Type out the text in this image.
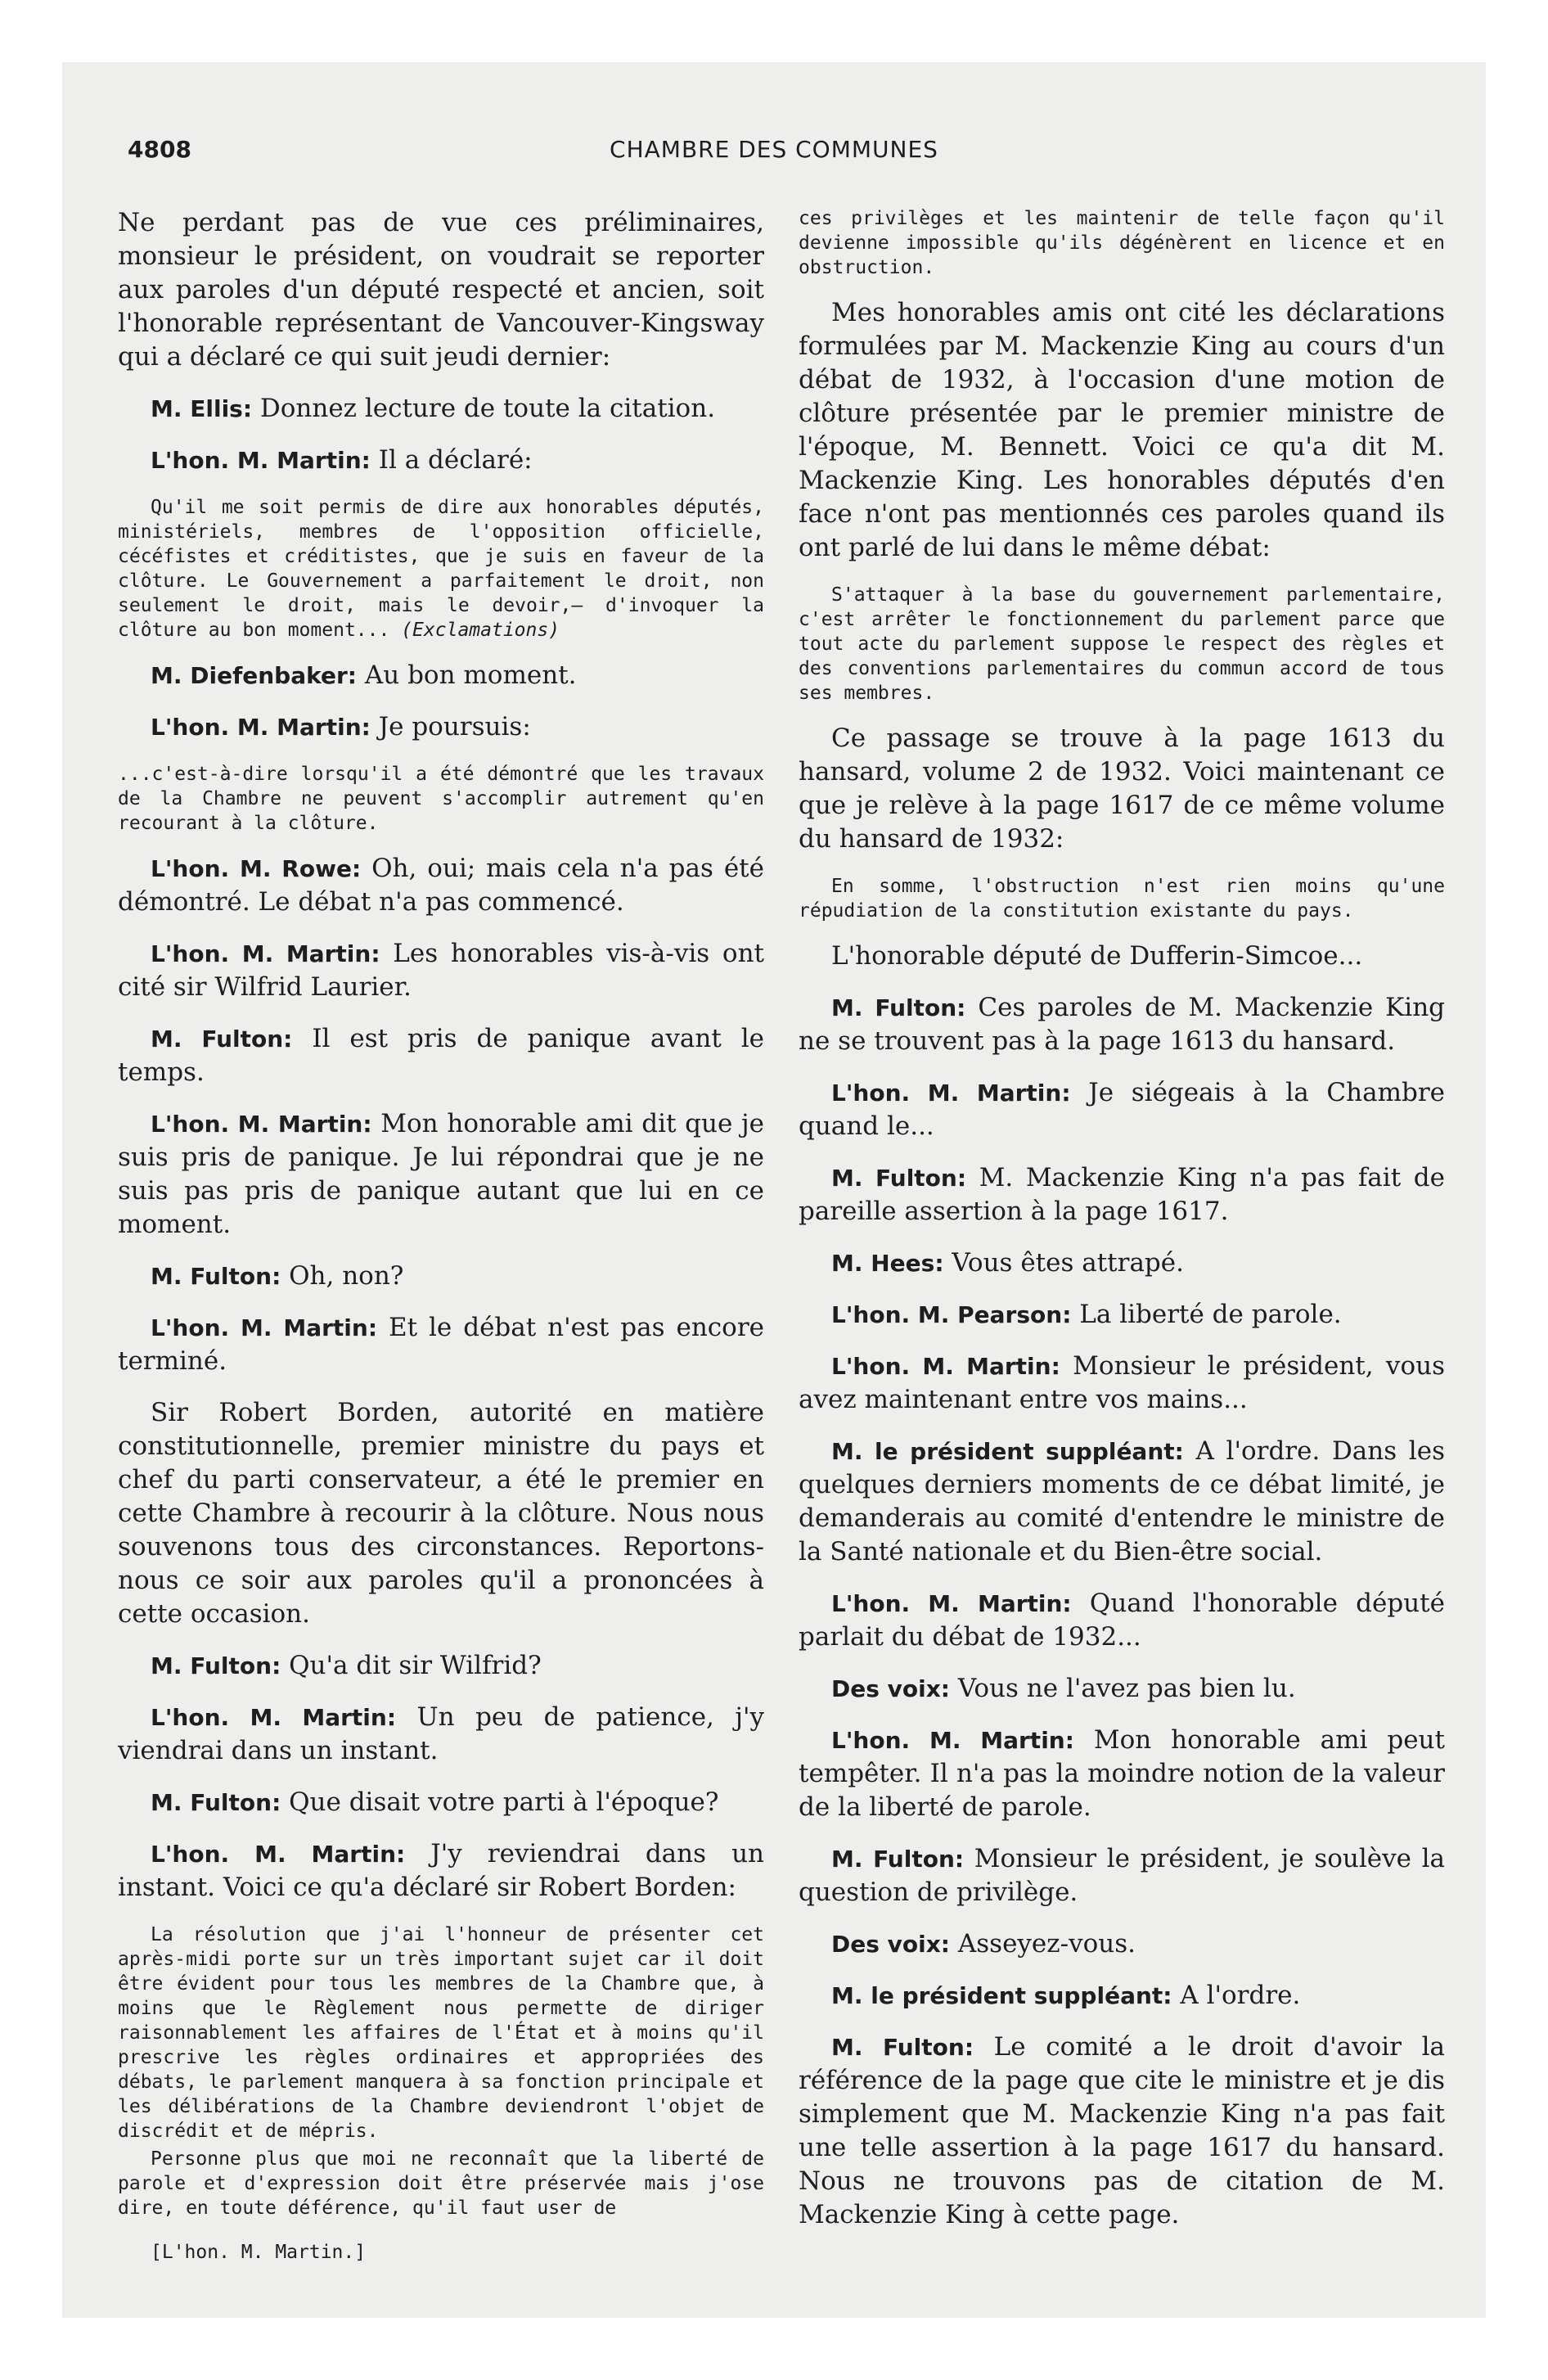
4808	CHAMBRE DES COMMUNES

Ne perdant pas de vue ces préliminaires, monsieur le président, on voudrait se reporter aux paroles d'un député respecté et ancien, soit l'honorable représentant de Vancouver-Kingsway qui a déclaré ce qui suit jeudi dernier:

M. Ellis: Donnez lecture de toute la citation.

L'hon. M. Martin: Il a déclaré:

Qu'il me soit permis de dire aux honorables députés, ministériels, membres de l'opposition officielle, cécéfistes et créditistes, que je suis en faveur de la clôture. Le Gouvernement a parfaitement le droit, non seulement le droit, mais le devoir,— d'invoquer la clôture au bon moment... (Exclamations)

M. Diefenbaker: Au bon moment.

L'hon. M. Martin: Je poursuis:

...c'est-à-dire lorsqu'il a été démontré que les travaux de la Chambre ne peuvent s'accomplir autrement qu'en recourant à la clôture.

L'hon. M. Rowe: Oh, oui; mais cela n'a pas été démontré. Le débat n'a pas commencé.

L'hon. M. Martin: Les honorables vis-à-vis ont cité sir Wilfrid Laurier.

M. Fulton: Il est pris de panique avant le temps.

L'hon. M. Martin: Mon honorable ami dit que je suis pris de panique. Je lui répondrai que je ne suis pas pris de panique autant que lui en ce moment.

M. Fulton: Oh, non?

L'hon. M. Martin: Et le débat n'est pas encore terminé.

Sir Robert Borden, autorité en matière constitutionnelle, premier ministre du pays et chef du parti conservateur, a été le premier en cette Chambre à recourir à la clôture. Nous nous souvenons tous des circonstances. Reportons-nous ce soir aux paroles qu'il a prononcées à cette occasion.

M. Fulton: Qu'a dit sir Wilfrid?

L'hon. M. Martin: Un peu de patience, j'y viendrai dans un instant.

M. Fulton: Que disait votre parti à l'époque?

L'hon. M. Martin: J'y reviendrai dans un instant. Voici ce qu'a déclaré sir Robert Borden:

La résolution que j'ai l'honneur de présenter cet après-midi porte sur un très important sujet car il doit être évident pour tous les membres de la Chambre que, à moins que le Règlement nous permette de diriger raisonnablement les affaires de l'État et à moins qu'il prescrive les règles ordinaires et appropriées des débats, le parlement manquera à sa fonction principale et les délibérations de la Chambre deviendront l'objet de discrédit et de mépris.

Personne plus que moi ne reconnaît que la liberté de parole et d'expression doit être préservée mais j'ose dire, en toute déférence, qu'il faut user de

[L'hon. M. Martin.]

ces privilèges et les maintenir de telle façon qu'il devienne impossible qu'ils dégénèrent en licence et en obstruction.

Mes honorables amis ont cité les déclarations formulées par M. Mackenzie King au cours d'un débat de 1932, à l'occasion d'une motion de clôture présentée par le premier ministre de l'époque, M. Bennett. Voici ce qu'a dit M. Mackenzie King. Les honorables députés d'en face n'ont pas mentionnés ces paroles quand ils ont parlé de lui dans le même débat:

S'attaquer à la base du gouvernement parlementaire, c'est arrêter le fonctionnement du parlement parce que tout acte du parlement suppose le respect des règles et des conventions parlementaires du commun accord de tous ses membres.

Ce passage se trouve à la page 1613 du hansard, volume 2 de 1932. Voici maintenant ce que je relève à la page 1617 de ce même volume du hansard de 1932:

En somme, l'obstruction n'est rien moins qu'une répudiation de la constitution existante du pays.

L'honorable député de Dufferin-Simcoe...

M. Fulton: Ces paroles de M. Mackenzie King ne se trouvent pas à la page 1613 du hansard.

L'hon. M. Martin: Je siégeais à la Chambre quand le...

M. Fulton: M. Mackenzie King n'a pas fait de pareille assertion à la page 1617.

M. Hees: Vous êtes attrapé.

L'hon. M. Pearson: La liberté de parole.

L'hon. M. Martin: Monsieur le président, vous avez maintenant entre vos mains...

M. le président suppléant: A l'ordre. Dans les quelques derniers moments de ce débat limité, je demanderais au comité d'entendre le ministre de la Santé nationale et du Bien-être social.

L'hon. M. Martin: Quand l'honorable député parlait du débat de 1932...

Des voix: Vous ne l'avez pas bien lu.

L'hon. M. Martin: Mon honorable ami peut tempêter. Il n'a pas la moindre notion de la valeur de la liberté de parole.

M. Fulton: Monsieur le président, je soulève la question de privilège.

Des voix: Asseyez-vous.

M. le président suppléant: A l'ordre.

M. Fulton: Le comité a le droit d'avoir la référence de la page que cite le ministre et je dis simplement que M. Mackenzie King n'a pas fait une telle assertion à la page 1617 du hansard. Nous ne trouvons pas de citation de M. Mackenzie King à cette page.
